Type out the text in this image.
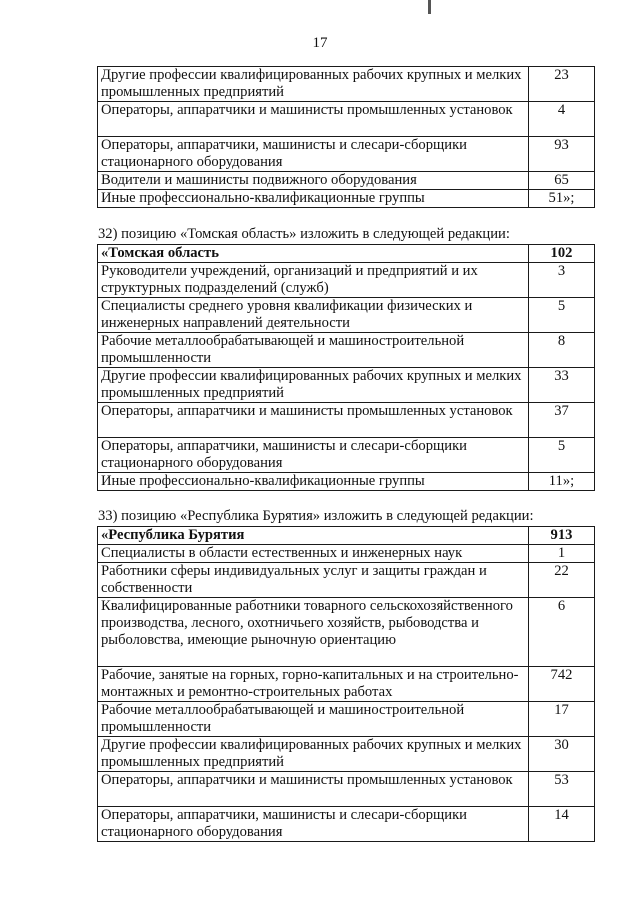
17
Другие профессии квалифицированных рабочих крупных и мелких промышленных предприятий	23
Операторы, аппаратчики и машинисты промышленных установок	4
Операторы, аппаратчики, машинисты и слесари-сборщики стационарного оборудования	93
Водители и машинисты подвижного оборудования	65
Иные профессионально-квалификационные группы	51»;
32) позицию «Томская область» изложить в следующей редакции:
«Томская область	102
Руководители учреждений, организаций и предприятий и их структурных подразделений (служб)	3
Специалисты среднего уровня квалификации физических и инженерных направлений деятельности	5
Рабочие металлообрабатывающей и машиностроительной промышленности	8
Другие профессии квалифицированных рабочих крупных и мелких промышленных предприятий	33
Операторы, аппаратчики и машинисты промышленных установок	37
Операторы, аппаратчики, машинисты и слесари-сборщики стационарного оборудования	5
Иные профессионально-квалификационные группы	11»;
33) позицию «Республика Бурятия» изложить в следующей редакции:
«Республика Бурятия	913
Специалисты в области естественных и инженерных наук	1
Работники сферы индивидуальных услуг и защиты граждан и собственности	22
Квалифицированные работники товарного сельскохозяйственного производства, лесного, охотничьего хозяйств, рыбоводства и рыболовства, имеющие рыночную ориентацию	6
Рабочие, занятые на горных, горно-капитальных и на строительно-монтажных и ремонтно-строительных работах	742
Рабочие металлообрабатывающей и машиностроительной промышленности	17
Другие профессии квалифицированных рабочих крупных и мелких промышленных предприятий	30
Операторы, аппаратчики и машинисты промышленных установок	53
Операторы, аппаратчики, машинисты и слесари-сборщики стационарного оборудования	14
